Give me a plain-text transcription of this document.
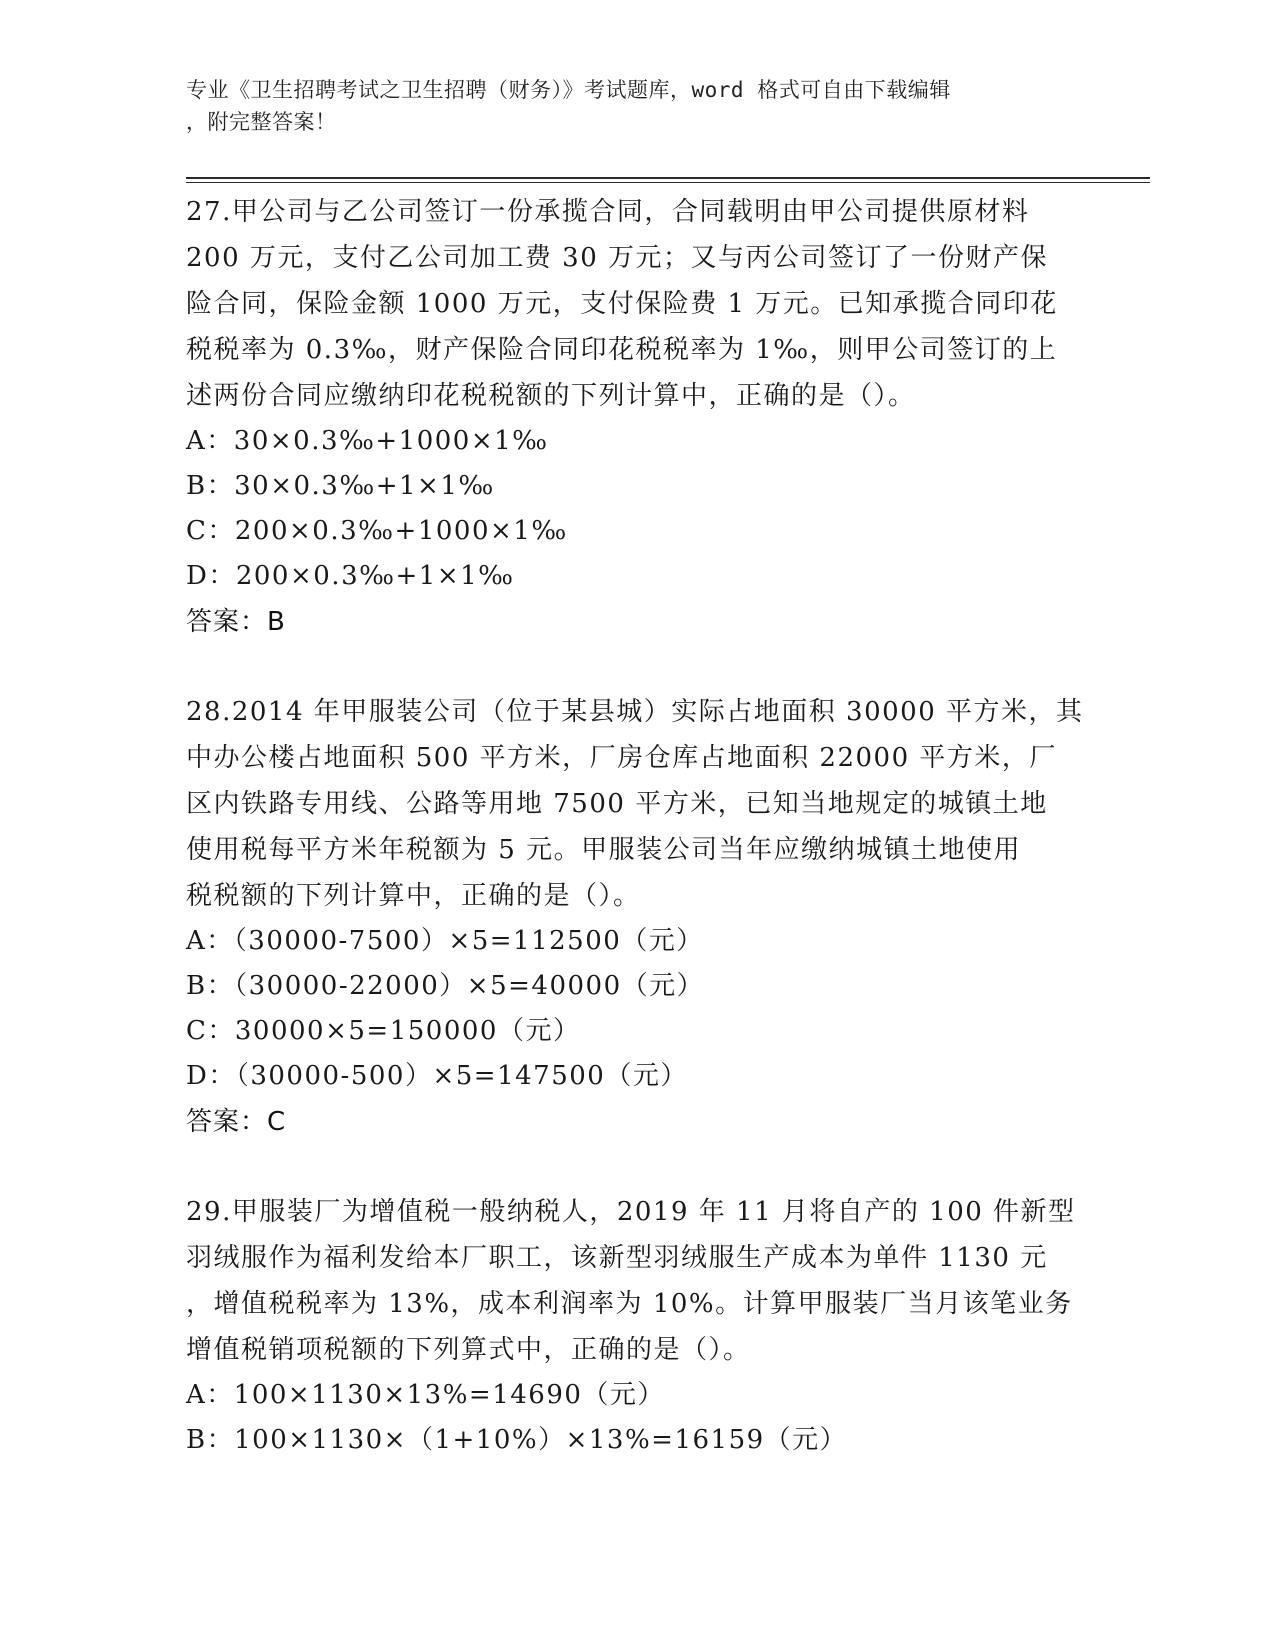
专业《卫生招聘考试之卫生招聘（财务）》考试题库，word 格式可自由下载编辑
，附完整答案！
27.甲公司与乙公司签订一份承揽合同，合同载明由甲公司提供原材料
200 万元，支付乙公司加工费 30 万元；又与丙公司签订了一份财产保
险合同，保险金额 1000 万元，支付保险费 1 万元。已知承揽合同印花
税税率为 0.3‰，财产保险合同印花税税率为 1‰，则甲公司签订的上
述两份合同应缴纳印花税税额的下列计算中，正确的是（）。
A：30×0.3‰+1000×1‰
B：30×0.3‰+1×1‰
C：200×0.3‰+1000×1‰
D：200×0.3‰+1×1‰
答案：B
28.2014 年甲服装公司（位于某县城）实际占地面积 30000 平方米，其
中办公楼占地面积 500 平方米，厂房仓库占地面积 22000 平方米，厂
区内铁路专用线、公路等用地 7500 平方米，已知当地规定的城镇土地
使用税每平方米年税额为 5 元。甲服装公司当年应缴纳城镇土地使用
税税额的下列计算中，正确的是（）。
A：（30000-7500）×5=112500（元）
B：（30000-22000）×5=40000（元）
C：30000×5=150000（元）
D：（30000-500）×5=147500（元）
答案：C
29.甲服装厂为增值税一般纳税人，2019 年 11 月将自产的 100 件新型
羽绒服作为福利发给本厂职工，该新型羽绒服生产成本为单件 1130 元
，增值税税率为 13%，成本利润率为 10%。计算甲服装厂当月该笔业务
增值税销项税额的下列算式中，正确的是（）。
A：100×1130×13%=14690（元）
B：100×1130×（1+10%）×13%=16159（元）
